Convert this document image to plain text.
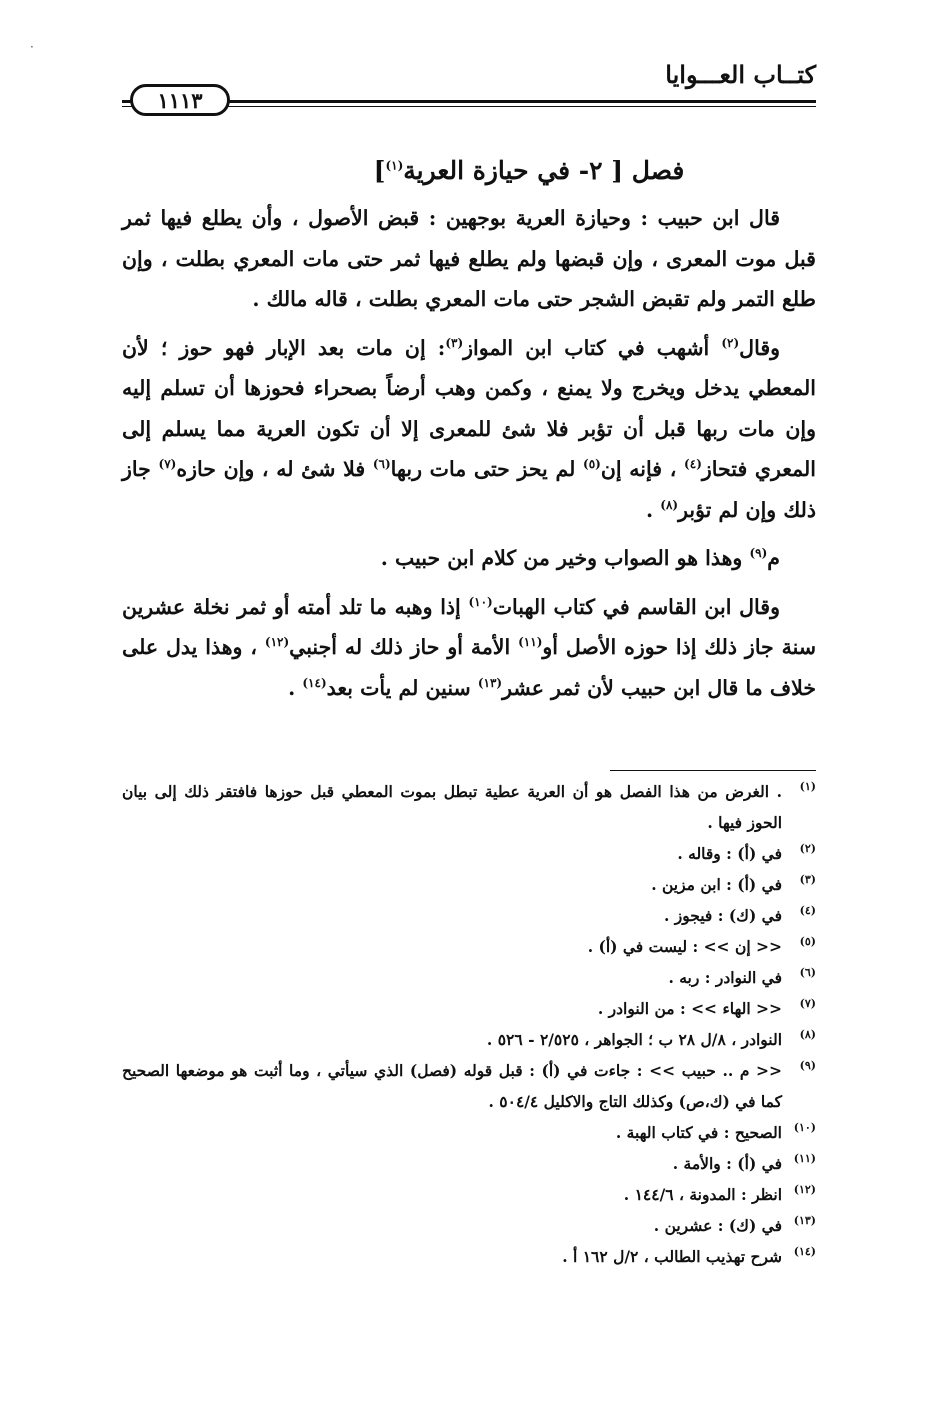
·
كتــاب العـــوايا
١١١٣
فصل [ ٢- في حيازة العرية$^{(١)}$]

قال ابن حبيب : وحيازة العرية بوجهين : قبض الأصول ، وأن يطلع فيها ثمر قبل موت المعرى ، وإن قبضها ولم يطلع فيها ثمر حتى مات المعري بطلت ، وإن طلع التمر ولم تقبض الشجر حتى مات المعري بطلت ، قاله مالك .

وقال$^{(٢)}$ أشهب في كتاب ابن المواز$^{(٣)}$: إن مات بعد الإبار فهو حوز ؛ لأن المعطي يدخل ويخرج ولا يمنع ، وكمن وهب أرضاً بصحراء فحوزها أن تسلم إليه وإن مات ربها قبل أن تؤبر فلا شئ للمعرى إلا أن تكون العرية مما يسلم إلى المعري فتحاز$^{(٤)}$ ، فإنه إن$^{(٥)}$ لم يحز حتى مات ربها$^{(٦)}$ فلا شئ له ، وإن حازه$^{(٧)}$ جاز ذلك وإن لم تؤبر$^{(٨)}$ .

م$^{(٩)}$ وهذا هو الصواب وخير من كلام ابن حبيب .

وقال ابن القاسم في كتاب الهبات$^{(١٠)}$ إذا وهبه ما تلد أمته أو ثمر نخلة عشرين سنة جاز ذلك إذا حوزه الأصل أو$^{(١١)}$ الأمة أو حاز ذلك له أجنبي$^{(١٢)}$ ، وهذا يدل على خلاف ما قال ابن حبيب لأن ثمر عشر$^{(١٣)}$ سنين لم يأت بعد$^{(١٤)}$ .

(١)
. الغرض من هذا الفصل هو أن العرية عطية تبطل بموت المعطي قبل حوزها فافتقر ذلك إلى بيان الحوز فيها .
(٢)
في (أ) : وقاله .
(٣)
في (أ) : ابن مزين .
(٤)
في (ك) : فيجوز .
(٥)
<< إن >> : ليست في (أ) .
(٦)
في النوادر : ربه .
(٧)
<< الهاء >> : من النوادر .
(٨)
النوادر ، ٨/ل ٢٨ ب ؛ الجواهر ، ٢/٥٢٥ - ٥٢٦ .
(٩)
<< م .. حبيب >> : جاءت في (أ) : قبل قوله (فصل) الذي سيأتي ، وما أثبت هو موضعها الصحيح كما في (ك،ص) وكذلك التاج والاكليل ٥٠٤/٤ .
(١٠)
الصحيح : في كتاب الهبة .
(١١)
في (أ) : والأمة .
(١٢)
انظر : المدونة ، ١٤٤/٦ .
(١٣)
في (ك) : عشرين .
(١٤)
شرح تهذيب الطالب ، ٢/ل ١٦٢ أ .
